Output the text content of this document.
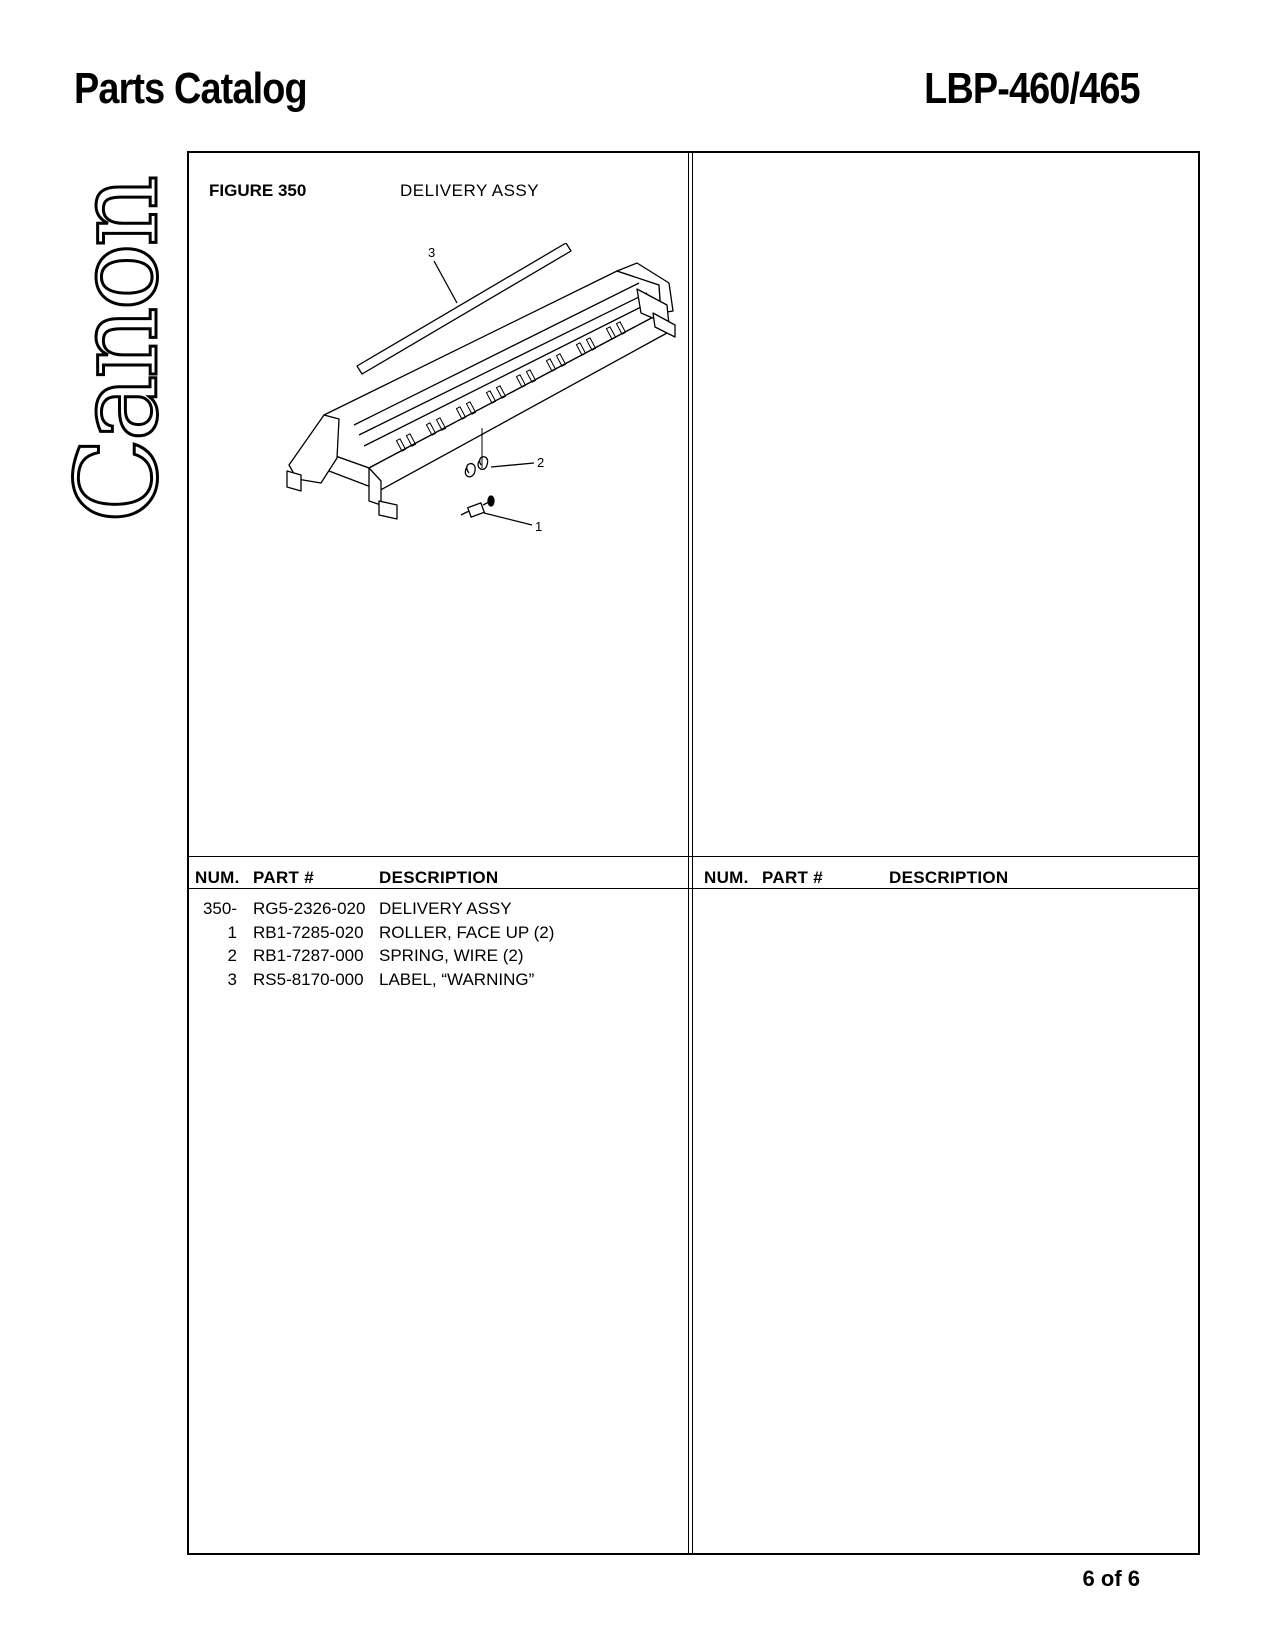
Parts Catalog	LBP-460/465
Canon FIGURE 350	DELIVERY ASSY
3
2
1
NUM. PART #	DESCRIPTION	NUM. PART #	DESCRIPTION
350- RG5-2326-020 DELIVERY ASSY
1 RB1-7285-020 ROLLER, FACE UP (2)
2 RB1-7287-000 SPRING, WIRE (2)
3 RS5-8170-000 LABEL, “WARNING”
6 of 6
